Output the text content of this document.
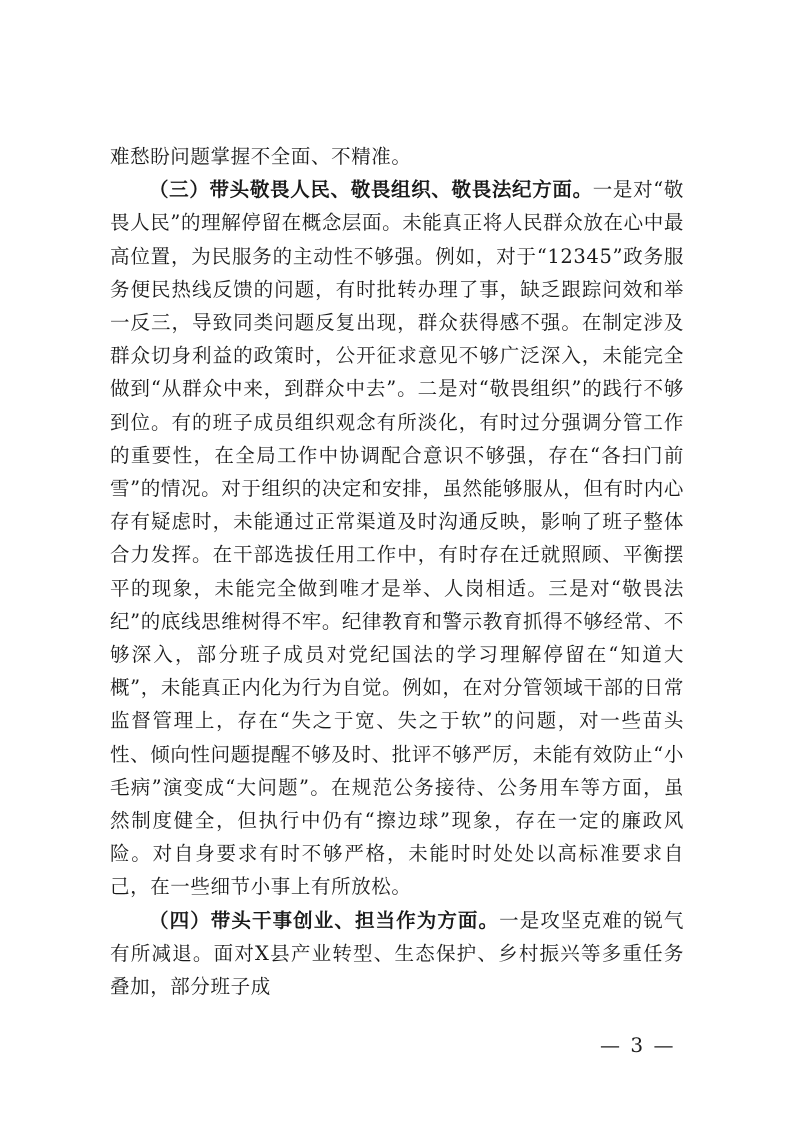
难愁盼问题掌握不全面、不精准。

（三）带头敬畏人民、敬畏组织、敬畏法纪方面。一是对“敬畏人民”的理解停留在概念层面。未能真正将人民群众放在心中最高位置，为民服务的主动性不够强。例如，对于“12345”政务服务便民热线反馈的问题，有时批转办理了事，缺乏跟踪问效和举一反三，导致同类问题反复出现，群众获得感不强。在制定涉及群众切身利益的政策时，公开征求意见不够广泛深入，未能完全做到“从群众中来，到群众中去”。二是对“敬畏组织”的践行不够到位。有的班子成员组织观念有所淡化，有时过分强调分管工作的重要性，在全局工作中协调配合意识不够强，存在“各扫门前雪”的情况。对于组织的决定和安排，虽然能够服从，但有时内心存有疑虑时，未能通过正常渠道及时沟通反映，影响了班子整体合力发挥。在干部选拔任用工作中，有时存在迁就照顾、平衡摆平的现象，未能完全做到唯才是举、人岗相适。三是对“敬畏法纪”的底线思维树得不牢。纪律教育和警示教育抓得不够经常、不够深入，部分班子成员对党纪国法的学习理解停留在“知道大概”，未能真正内化为行为自觉。例如，在对分管领域干部的日常监督管理上，存在“失之于宽、失之于软”的问题，对一些苗头性、倾向性问题提醒不够及时、批评不够严厉，未能有效防止“小毛病”演变成“大问题”。在规范公务接待、公务用车等方面，虽然制度健全，但执行中仍有“擦边球”现象，存在一定的廉政风险。对自身要求有时不够严格，未能时时处处以高标准要求自己，在一些细节小事上有所放松。

（四）带头干事创业、担当作为方面。一是攻坚克难的锐气有所减退。面对X县产业转型、生态保护、乡村振兴等多重任务叠加，部分班子成

— 3 —
